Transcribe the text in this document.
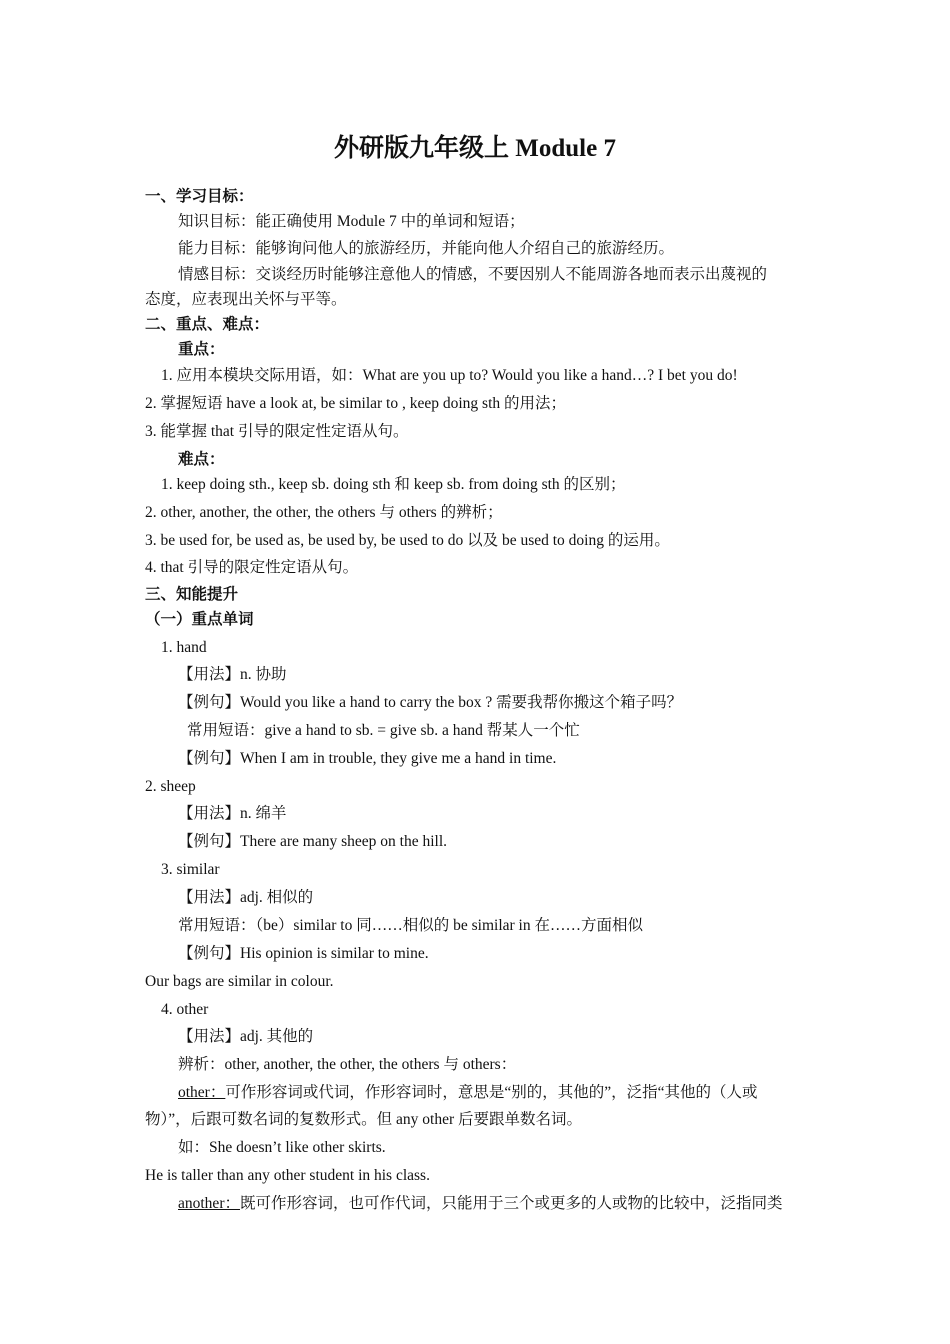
外研版九年级上 Module 7
一、学习目标：
知识目标：能正确使用 Module 7 中的单词和短语；
能力目标：能够询问他人的旅游经历，并能向他人介绍自己的旅游经历。
情感目标：交谈经历时能够注意他人的情感，不要因别人不能周游各地而表示出蔑视的
态度，应表现出关怀与平等。
二、重点、难点：
重点：
1. 应用本模块交际用语，如：What are you up to? Would you like a hand…? I bet you do!
2. 掌握短语 have a look at, be similar to , keep doing sth 的用法；
3. 能掌握 that 引导的限定性定语从句。
难点：
1. keep doing sth., keep sb. doing sth 和 keep sb. from doing sth 的区别；
2. other, another, the other, the others 与 others 的辨析；
3. be used for, be used as, be used by, be used to do 以及 be used to doing 的运用。
4. that 引导的限定性定语从句。
三、知能提升
（一）重点单词
1. hand
【用法】n. 协助
【例句】Would you like a hand to carry the box ? 需要我帮你搬这个箱子吗？
常用短语：give a hand to sb. = give sb. a hand 帮某人一个忙
【例句】When I am in trouble, they give me a hand in time.
2. sheep
【用法】n. 绵羊
【例句】There are many sheep on the hill.
3. similar
【用法】adj. 相似的
常用短语：（be）similar to 同……相似的 be similar in 在……方面相似
【例句】His opinion is similar to mine.
Our bags are similar in colour.
4. other
【用法】adj. 其他的
辨析：other, another, the other, the others 与 others：
other：可作形容词或代词，作形容词时，意思是“别的，其他的”，泛指“其他的（人或
物）”，后跟可数名词的复数形式。但 any other 后要跟单数名词。
如：She doesn’t like other skirts.
He is taller than any other student in his class.
another：既可作形容词，也可作代词，只能用于三个或更多的人或物的比较中，泛指同类
